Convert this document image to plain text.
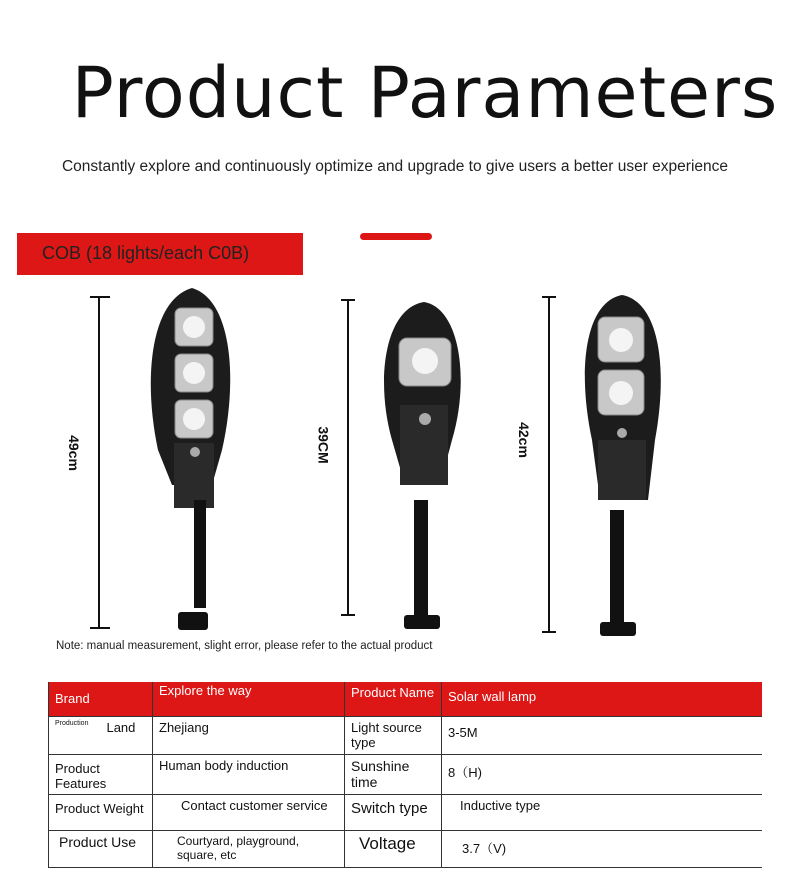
Product Parameters
Constantly explore and continuously optimize and upgrade to give users a better user experience
COB (18 lights/each C0B)
49cm	39CM	42cm
Note: manual measurement, slight error, please refer to the actual product
Brand	Explore the way	Product Name	Solar wall lamp
$^{Production}$ Land	Zhejiang	Light source type	3-5M
Product Features	Human body induction	Sunshine time	8（H)
Product Weight	Contact customer service	Switch type	Inductive type
Product Use	Courtyard, playground, square, etc	Voltage	3.7（V)
